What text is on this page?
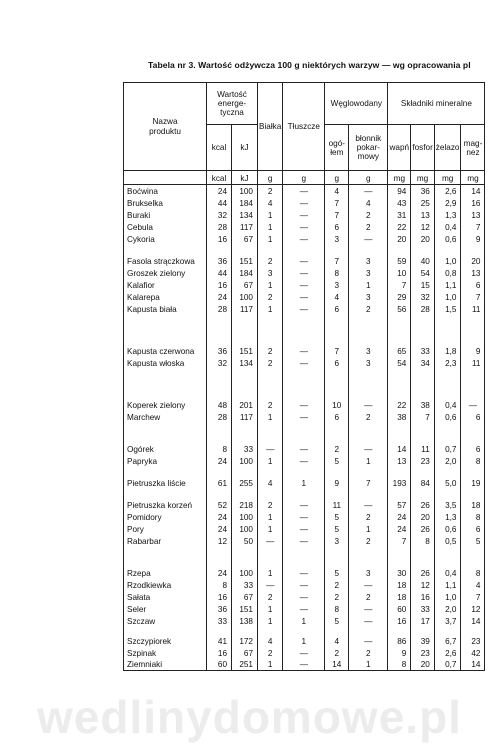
Tabela nr 3. Wartość odżywcza 100 g niektórych warzyw — wg opracowania pl
Nazwa produktu	Wartość energe-tyczna		Białka	Tłuszcze	Węglowodany		Składniki mineralne			
	kcal	kJ			ogó-łem	błonnik pokar-mowy	wapń	fosfor	żelazo	mag-nez
	kcal	kJ	g	g	g	g	mg	mg	mg	mg
Boćwina	24	100	2	—	4	—	94	36	2,6	14
Brukselka	44	184	4	—	7	4	43	25	2,9	16
Buraki	32	134	1	—	7	2	31	13	1,3	13
Cebula	28	117	1	—	6	2	22	12	0,4	7
Cykoria	16	67	1	—	3	—	20	20	0,6	9
Fasola strączkowa	36	151	2	—	7	3	59	40	1,0	20
Groszek zielony	44	184	3	—	8	3	10	54	0,8	13
Kalafior	16	67	1	—	3	1	7	15	1,1	6
Kalarepa	24	100	2	—	4	3	29	32	1,0	7
Kapusta biała	28	117	1	—	6	2	56	28	1,5	11

Kapusta czerwona	36	151	2	—	7	3	65	33	1,8	9
Kapusta włoska	32	134	2	—	6	3	54	34	2,3	11

Koperek zielony	48	201	2	—	10	—	22	38	0,4	—
Marchew	28	117	1	—	6	2	38	7	0,6	6

Ogórek	8	33	—	—	2	—	14	11	0,7	6
Papryka	24	100	1	—	5	1	13	23	2,0	8
Pietruszka liście	61	255	4	1	9	7	193	84	5,0	19
Pietruszka korzeń	52	218	2	—	11	—	57	26	3,5	18
Pomidory	24	100	1	—	5	2	24	20	1,3	8
Pory	24	100	1	—	5	1	24	26	0,6	6
Rabarbar	12	50	—	—	3	2	7	8	0,5	5

Rzepa	24	100	1	—	5	3	30	26	0,4	8
Rzodkiewka	8	33	—	—	2	—	18	12	1,1	4
Sałata	16	67	2	—	2	2	18	16	1,0	7
Seler	36	151	1	—	8	—	60	33	2,0	12
Szczaw	33	138	1	1	5	—	16	17	3,7	14

Szczypiorek	41	172	4	1	4	—	86	39	6,7	23
Szpinak	16	67	2	—	2	2	9	23	2,6	42
Ziemniaki	60	251	1	—	14	1	8	20	0,7	14
wedlinydomowe.pl
